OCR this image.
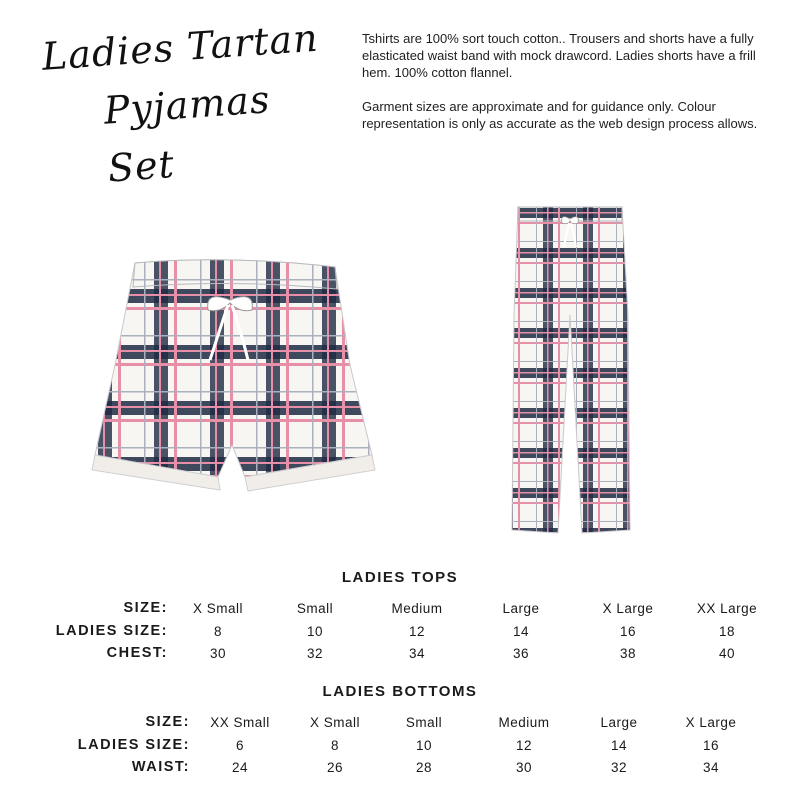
Ladies Tartan
Pyjamas Set

Tshirts are 100% sort touch cotton.. Trousers and shorts have a fully elasticated waist band with mock drawcord. Ladies shorts have a frill hem. 100% cotton flannel.

Garment sizes are approximate and for guidance only. Colour representation is only as accurate as the web design process allows.

LADIES TOPS
SIZE:	X Small	Small	Medium	Large	X Large	XX Large
LADIES SIZE:	8	10	12	14	16	18
CHEST:	30	32	34	36	38	40
LADIES BOTTOMS
SIZE:	XX Small	X Small	Small	Medium	Large	X Large
LADIES SIZE:	6	8	10	12	14	16
WAIST:	24	26	28	30	32	34
